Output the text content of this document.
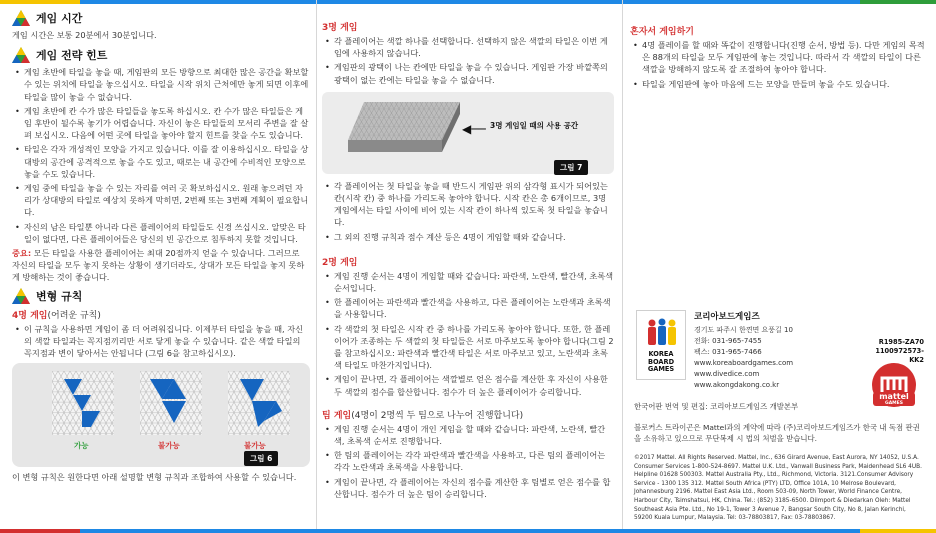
게임 시간
게임 시간은 보통 20분에서 30분입니다.
게임 전략 힌트
• 게임 초반에 타일을 놓을 때, 게임판의 모든 방향으로 최대한 많은 공간을 확보할 수 있는 위치에 타일을 놓으십시오. 타일을 시작 위치 근처에만 놓게 되면 이후에 타일을 많이 놓을 수 없습니다.
• 게임 초반에 칸 수가 많은 타일들을 놓도록 하십시오. 칸 수가 많은 타일들은 게임 후반이 될수록 놓기가 어렵습니다. 자신이 놓은 타일들의 모서리 주변을 잘 살펴 보십시오. 다음에 어떤 곳에 타일을 놓아야 할지 힌트를 찾을 수도 있습니다.
• 타일은 각자 개성적인 모양을 가지고 있습니다. 이를 잘 이용하십시오. 타일을 상대방의 공간에 공격적으로 놓을 수도 있고, 때로는 내 공간에 수비적인 모양으로 놓을 수도 있습니다.
• 게임 중에 타일을 놓을 수 있는 자리를 여러 곳 확보하십시오. 원래 놓으려던 자리가 상대방의 타일로 예상치 못하게 막히면, 2번째 또는 3번째 계획이 필요합니다.
• 자신의 남은 타일뿐 아니라 다른 플레이어의 타일들도 신경 쓰십시오. 알맞은 타일이 없다면, 다른 플레이어들은 당신의 빈 공간으로 침투하지 못할 것입니다.
중요: 모든 타일을 사용한 플레이어는 최대 20점까지 얻을 수 있습니다. 그러므로 자신의 타일을 모두 놓지 못하는 상황이 생기더라도, 상대가 모든 타일을 놓지 못하게 방해하는 것이 좋습니다.
변형 규칙
4명 게임(어려운 규칙)
• 이 규칙을 사용하면 게임이 좀 더 어려워집니다. 이제부터 타일을 놓을 때, 자신의 색깔 타일과는 꼭지점끼리만 서로 닿게 놓을 수 있습니다. 같은 색깔 타일의 꼭지점과 변이 닿아서는 안됩니다 (그림 6을 참고하십시오).
가능	불가능	불가능
그림 6
이 변형 규칙은 원한다면 아래 설명할 변형 규칙과 조합하여 사용할 수 있습니다.
3명 게임
• 각 플레이어는 색깔 하나를 선택합니다. 선택하지 않은 색깔의 타일은 이번 게임에 사용하지 않습니다.
• 게임판의 광택이 나는 칸에만 타일을 놓을 수 있습니다. 게임판 가장 바깥쪽의 광택이 없는 칸에는 타일을 놓을 수 없습니다.
◀── 3명 게임일 때의 사용 공간
그림 7
• 각 플레이어는 첫 타일을 놓을 때 반드시 게임판 위의 삼각형 표시가 되어있는 칸(시작 칸) 중 하나를 가리도록 놓아야 합니다. 시작 칸은 총 6개이므로, 3명 게임에서는 타일 사이에 비어 있는 시작 칸이 하나씩 있도록 첫 타일을 놓습니다.
• 그 외의 진행 규칙과 점수 계산 등은 4명이 게임할 때와 같습니다.
2명 게임
• 게임 진행 순서는 4명이 게임할 때와 같습니다: 파란색, 노란색, 빨간색, 초록색 순서입니다.
• 한 플레이어는 파란색과 빨간색을 사용하고, 다른 플레이어는 노란색과 초록색을 사용합니다.
• 각 색깔의 첫 타일은 시작 칸 중 하나를 가리도록 놓아야 합니다. 또한, 한 플레이어가 조종하는 두 색깔의 첫 타일들은 서로 마주보도록 놓아야 합니다(그림 2를 참고하십시오: 파란색과 빨간색 타일은 서로 마주보고 있고, 노란색과 초록색 타일도 마찬가지입니다).
• 게임이 끝나면, 각 플레이어는 색깔별로 얻은 점수를 계산한 후 자신이 사용한 두 색깔의 점수를 합산합니다. 점수가 더 높은 플레이어가 승리합니다.
팀 게임(4명이 2명씩 두 팀으로 나누어 진행합니다)
• 게임 진행 순서는 4명이 개인 게임을 할 때와 같습니다: 파란색, 노란색, 빨간색, 초록색 순서로 진행합니다.
• 한 팀의 플레이어는 각각 파란색과 빨간색을 사용하고, 다른 팀의 플레이어는 각각 노란색과 초록색을 사용합니다.
• 게임이 끝나면, 각 플레이어는 자신의 점수를 계산한 후 팀별로 얻은 점수를 합산합니다. 점수가 더 높은 팀이 승리합니다.
혼자서 게임하기
• 4명 플레이를 할 때와 똑같이 진행합니다(진행 순서, 방법 등). 다만 게임의 목적은 88개의 타일을 모두 게임판에 놓는 것입니다. 따라서 각 색깔의 타일이 다른 색깔을 방해하지 않도록 잘 조절하여 놓아야 합니다.
• 타일을 게임판에 놓아 마음에 드는 모양을 만들며 놓을 수도 있습니다.
KOREA
BOARD
GAMES
코리아보드게임즈
경기도 파주시 한껸면 요풍길 10
전화: 031-965-7455
팩스: 031-965-7466
www.koreaboardgames.com
www.divedice.com
www.akongdakong.co.kr
R1985-ZA70
1100972573-KK2
mattel
GAMES
한국어판 번역 및 편집: 코리아보드게임즈 개발본부
블로커스 트라이곤은 Mattel과의 계약에 따라 (주)코리아보드게임즈가 한국 내 독점 판권을 소유하고 있으므로 무단복제 시 법의 처벌을 받습니다.
©2017 Mattel. All Rights Reserved. Mattel, Inc., 636 Girard Avenue, East Aurora, NY 14052, U.S.A. Consumer Services 1-800-524-8697. Mattel U.K. Ltd., Vanwall Business Park, Maidenhead SL6 4UB. Helpline 01628 500303. Mattel Australia Pty., Ltd., Richmond, Victoria. 3121.Consumer Advisory Service - 1300 135 312. Mattel South Africa (PTY) LTD, Office 101A, 10 Melrose Boulevard, Johannesburg 2196. Mattel East Asia Ltd., Room 503-09, North Tower, World Finance Centre, Harbour City, Tsimshatsui, HK, China. Tel.: (852) 3185-6500. Diimport & Diedarkan Oleh: Mattel Southeast Asia Pte. Ltd., No 19-1, Tower 3 Avenue 7, Bangsar South City, No 8, Jalan Kerinchi, 59200 Kuala Lumpur, Malaysia. Tel: 03-78803817, Fax: 03-78803867.
